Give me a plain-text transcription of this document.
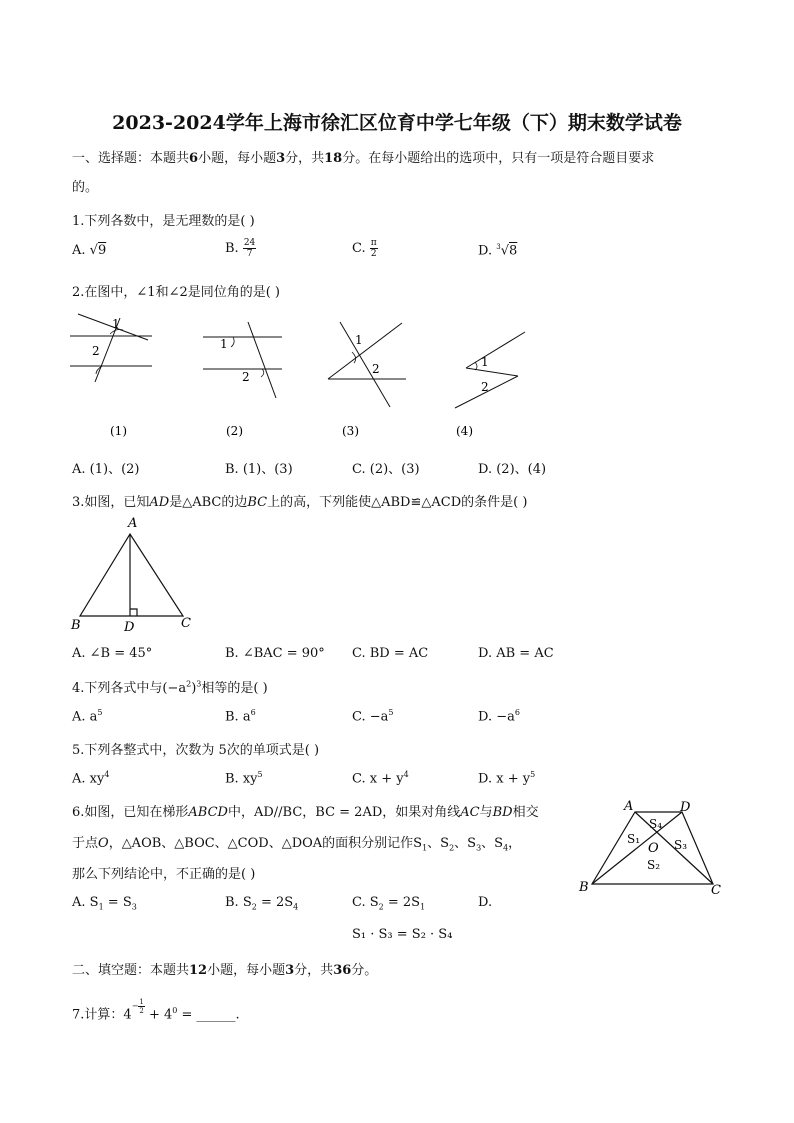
2023-2024学年上海市徐汇区位育中学七年级（下）期末数学试卷
一、选择题：本题共6小题，每小题3分，共18分。在每小题给出的选项中，只有一项是符合题目要求
的。
1.下列各数中，是无理数的是( )
A. √9	B. $\frac{24}{7}$	C. $\frac{\pi}{2}$	D. $^3$√8
2.在图中，∠1和∠2是同位角的是( )
1
2	1
2
1
2	1
2
(1)	(2)	(3)	(4)
A. (1)、(2)	B. (1)、(3)	C. (2)、(3)	D. (2)、(4)
3.如图，已知AD是△ABC的边BC上的高，下列能使△ABD≌△ACD的条件是( )
A
B	D	C
A. ∠B = 45°	B. ∠BAC = 90° C. BD = AC	D. AB = AC
4.下列各式中与$(-a^2)^3$相等的是( )
A. $a^5$	B. $a^6$	C. $-a^5$	D. $-a^6$
5.下列各整式中，次数为 5次的单项式是( )
A. $xy^4$	B. $xy^5$	C. $x + y^4$	D. $x + y^5$
6.如图，已知在梯形ABCD中，AD//BC，BC = 2AD，如果对角线AC与BD相交
于点O，△AOB、△BOC、△COD、△DOA的面积分别记作$S_1$、$S_2$、$S_3$、$S_4$，
那么下列结论中，不正确的是( )
A. $S_1 = S_3$	B. $S_2 = 2S_4$	C. $S_2 = 2S_1$	D.
S₁ · S₃ = S₂ · S₄
A	D
B	C
O
S₄
S₁	S₃
S₂
二、填空题：本题共12小题，每小题3分，共36分。
7.计算：$4- \frac{1}{2} + 4^0$ = ______.
